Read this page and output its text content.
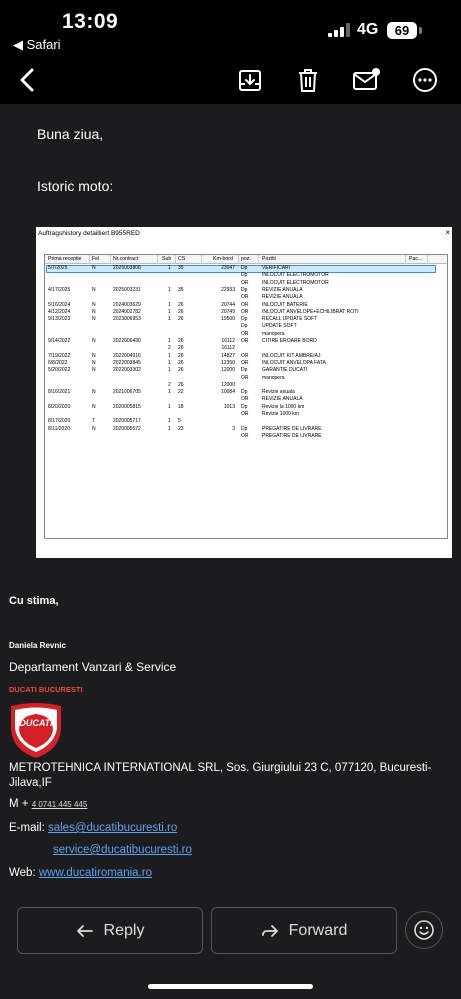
13:09
◀ Safari
4G	69
Buna ziua,
Istoric moto:
Auftragshistory detailliert B955RED	×
Prima receptie Fel	Nr.contract	Sub CS	Km-bord poz. Pozitii	Pac...
5/7/2025	N	2025003808	1 35	23047 Dp	VERIFICARI
Dp	INLOCUIT ELECTROMOTOR
OR	INLOCUIT ELECTROMOTOR
4/17/2025	N	2025003231	1 35	22933 Dp	REVIZIE ANUALA
OR	REVIZIE ANUALA
5/16/2024	N	2024003629	1 26	20744 OR	INLOCUIT BATERIE
4/12/2024	N	2024002782	1 26	20749 OR	INLOCUIT ANVELOPE+ECHILIBRAT ROTI
9/13/2023	N	2023006953	1 26	19500 Dp	RECALL UPDATE SOFT
Dp	UPDATE SOFT
OR	manopera
9/14/2022	N	2022006430	1 26	16112 OR	CITIRE EROARE BORD
2 26	16112
7/19/2022	N	2022004916	1 26	14827 OR	INLOCUIT KIT AMBREIAJ
6/8/2022	N	2022003845	1 26	12350 OR	INLOCUIT ANVELOPA FATA
5/20/2022	N	2022003302	1 26	12000 Dp	GARANTIE DUCATI
OR	manopera
2 26	12000
8/16/2021	N	2021006705	1 22	10084 Dp	Revizie anuala
OR	REVIZIE ANUALA
8/20/2020	N	2020005815	1 18	1013 Dp	Revizie la 1000 km
OR	Revizie 1000 km
8/17/2020	T	2020005717	1 5
8/11/2020	N	2020005572	1 23	3 Dp	PREGATIRE DE LIVRARE
OR	PREGATIRE DE LIVRARE
Cu stima,
Daniela Revnic
Departament Vanzari & Service
DUCATI BUCURESTI
DUCATI
METROTEHNICA INTERNATIONAL SRL, Sos. Giurgiului 23 C, 077120, Bucuresti-Jilava,IF
M + 4 0741 445 445
E-mail: sales@ducatibucuresti.ro
service@ducatibucuresti.ro
Web: www.ducatiromania.ro
Reply	Forward
